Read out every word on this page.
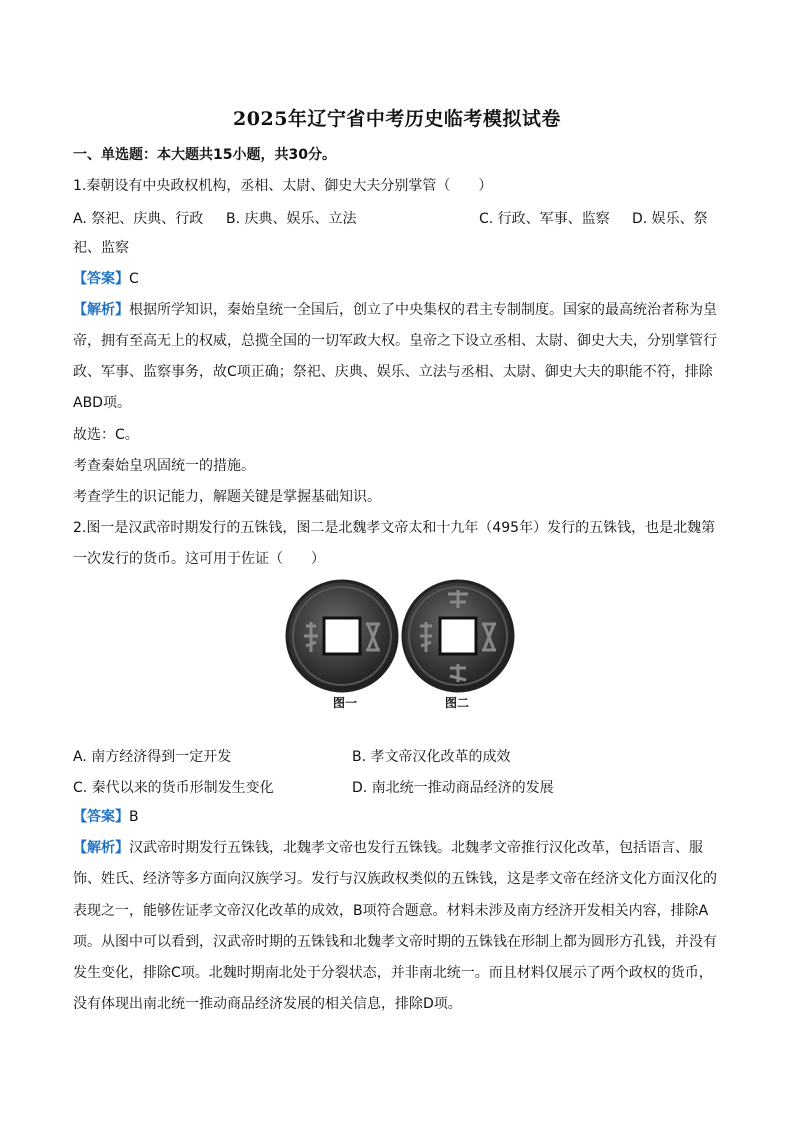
2025年辽宁省中考历史临考模拟试卷
一、单选题：本大题共15小题，共30分。
1.秦朝设有中央政权机构，丞相、太尉、御史大夫分别掌管（　　）
A. 祭祀、庆典、行政 B. 庆典、娱乐、立法	C. 行政、军事、监察 D. 娱乐、祭
祀、监察
【答案】C
【解析】根据所学知识，秦始皇统一全国后，创立了中央集权的君主专制制度。国家的最高统治者称为皇
帝，拥有至高无上的权威，总揽全国的一切军政大权。皇帝之下设立丞相、太尉、御史大夫，分别掌管行
政、军事、监察事务，故C项正确；祭祀、庆典、娱乐、立法与丞相、太尉、御史大夫的职能不符，排除
ABD项。
故选：C。
考查秦始皇巩固统一的措施。
考查学生的识记能力，解题关键是掌握基础知识。
2.图一是汉武帝时期发行的五铢钱，图二是北魏孝文帝太和十九年（495年）发行的五铢钱，也是北魏第
一次发行的货币。这可用于佐证（　　）
图一	图二
A. 南方经济得到一定开发	B. 孝文帝汉化改革的成效
C. 秦代以来的货币形制发生变化	D. 南北统一推动商品经济的发展
【答案】B
【解析】汉武帝时期发行五铢钱，北魏孝文帝也发行五铢钱。北魏孝文帝推行汉化改革，包括语言、服
饰、姓氏、经济等多方面向汉族学习。发行与汉族政权类似的五铢钱，这是孝文帝在经济文化方面汉化的
表现之一，能够佐证孝文帝汉化改革的成效，B项符合题意。材料未涉及南方经济开发相关内容，排除A
项。从图中可以看到，汉武帝时期的五铢钱和北魏孝文帝时期的五铢钱在形制上都为圆形方孔钱，并没有
发生变化，排除C项。北魏时期南北处于分裂状态，并非南北统一。而且材料仅展示了两个政权的货币，
没有体现出南北统一推动商品经济发展的相关信息，排除D项。
